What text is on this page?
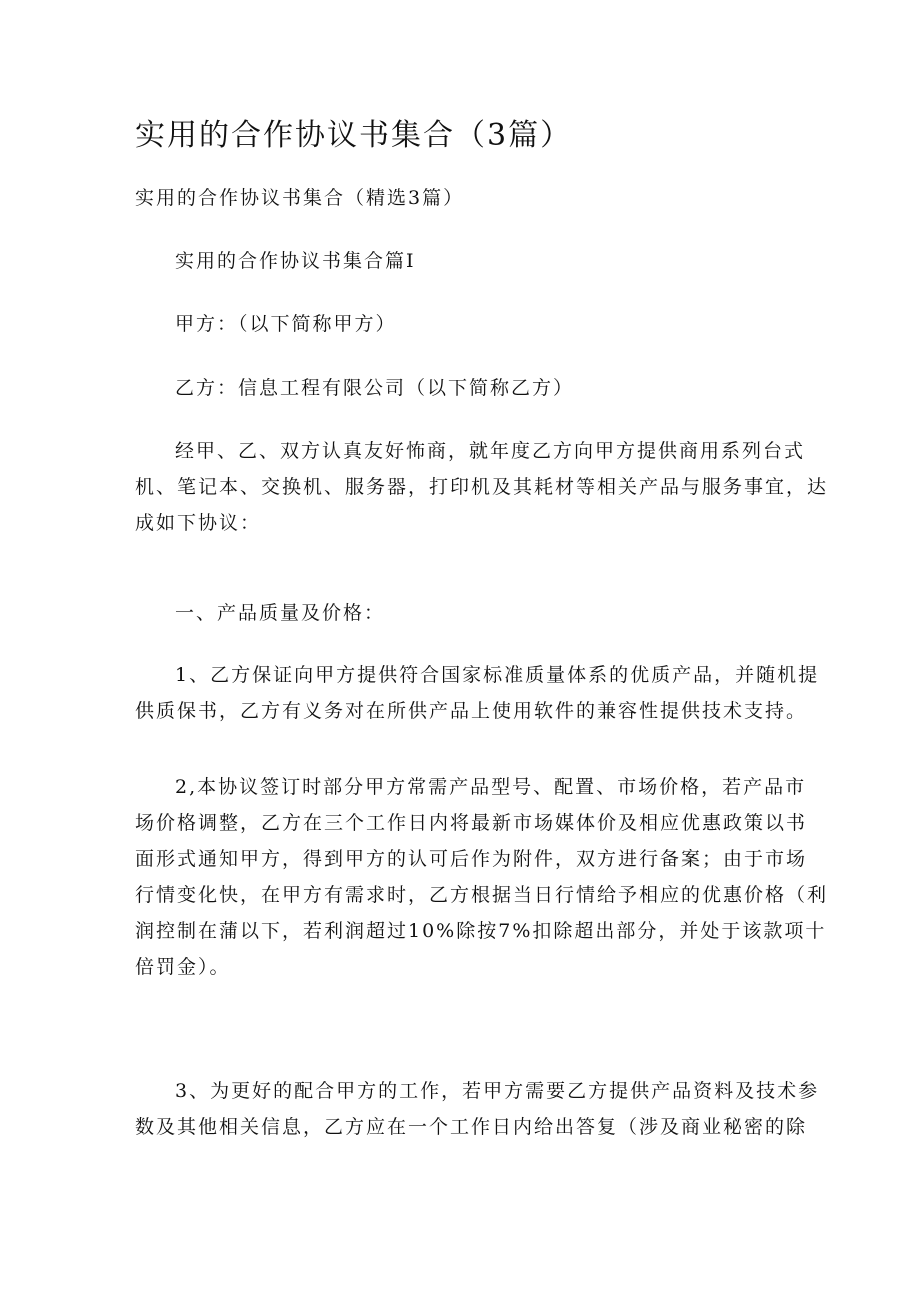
实用的合作协议书集合（3篇）

实用的合作协议书集合（精选3篇）

实用的合作协议书集合篇I

甲方：（以下简称甲方）

乙方：信息工程有限公司（以下简称乙方）

经甲、乙、双方认真友好怖商，就年度乙方向甲方提供商用系列台式
机、笔记本、交换机、服务器，打印机及其耗材等相关产品与服务事宜，达
成如下协议：

一、产品质量及价格：

1、乙方保证向甲方提供符合国家标准质量体系的优质产品，并随机提
供质保书，乙方有义务对在所供产品上使用软件的兼容性提供技术支持。
2,本协议签订时部分甲方常需产品型号、配置、市场价格，若产品市
场价格调整，乙方在三个工作日内将最新市场媒体价及相应优惠政策以书
面形式通知甲方，得到甲方的认可后作为附件，双方进行备案；由于市场
行情变化快，在甲方有需求时，乙方根据当日行情给予相应的优惠价格（利
润控制在蒲以下，若利润超过10%除按7%扣除超出部分，并处于该款项十
倍罚金）。
3、为更好的配合甲方的工作，若甲方需要乙方提供产品资料及技术参
数及其他相关信息，乙方应在一个工作日内给出答复（涉及商业秘密的除
